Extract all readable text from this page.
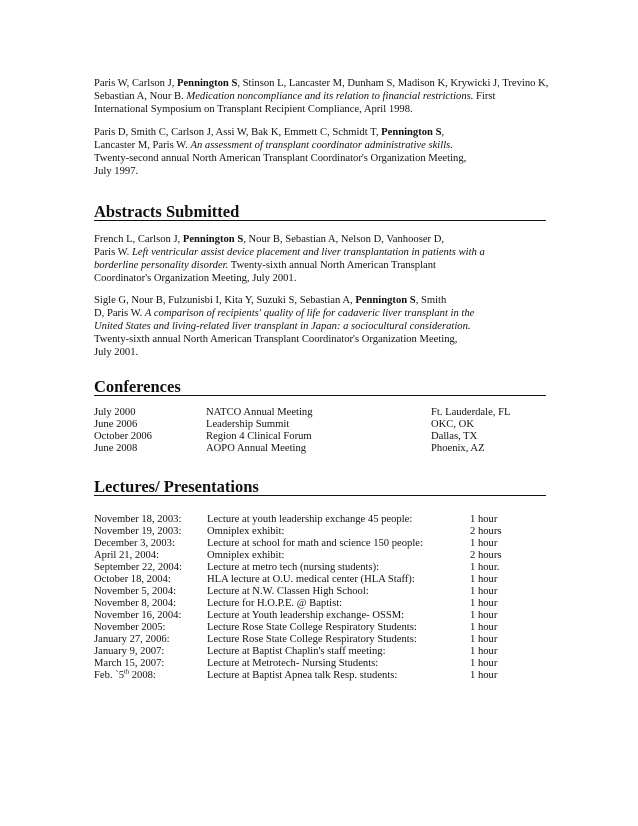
Paris W, Carlson J, Pennington S, Stinson L, Lancaster M, Dunham S, Madison K, Krywicki J, Trevino K,
Sebastian A, Nour B. Medication noncompliance and its relation to financial restrictions. First
International Symposium on Transplant Recipient Compliance, April 1998.
Paris D, Smith C, Carlson J, Assi W, Bak K, Emmett C, Schmidt T, Pennington S,
Lancaster M, Paris W. An assessment of transplant coordinator administrative skills.
Twenty-second annual North American Transplant Coordinator's Organization Meeting,
July 1997.
Abstracts Submitted
French L, Carlson J, Pennington S, Nour B, Sebastian A, Nelson D, Vanhooser D,
Paris W. Left ventricular assist device placement and liver transplantation in patients with a
borderline personality disorder. Twenty-sixth annual North American Transplant
Coordinator's Organization Meeting, July 2001.
Sigle G, Nour B, Fulzunisbi I, Kita Y, Suzuki S, Sebastian A, Pennington S, Smith
D, Paris W. A comparison of recipients' quality of life for cadaveric liver transplant in the
United States and living-related liver transplant in Japan: a sociocultural consideration.
Twenty-sixth annual North American Transplant Coordinator's Organization Meeting,
July 2001.
Conferences
July 2000	NATCO Annual Meeting	Ft. Lauderdale, FL
June 2006	Leadership Summit	OKC, OK
October 2006	Region 4 Clinical Forum	Dallas, TX
June 2008	AOPO Annual Meeting	Phoenix, AZ
Lectures/ Presentations
November 18, 2003: Lecture at youth leadership exchange 45 people:	1 hour
November 19, 2003: Omniplex exhibit:	2 hours
December 3, 2003:	Lecture at school for math and science 150 people:	1 hour
April 21, 2004:	Omniplex exhibit:	2 hours
September 22, 2004: Lecture at metro tech (nursing students):	1 hour.
October 18, 2004:	HLA lecture at O.U. medical center (HLA Staff):	1 hour
November 5, 2004:	Lecture at N.W. Classen High School:	1 hour
November 8, 2004:	Lecture for H.O.P.E. @ Baptist:	1 hour
November 16, 2004: Lecture at Youth leadership exchange- OSSM:	1 hour
November 2005:	Lecture Rose State College Respiratory Students:	1 hour
January 27, 2006:	Lecture Rose State College Respiratory Students:	1 hour
January 9, 2007:	Lecture at Baptist Chaplin's staff meeting:	1 hour
March 15, 2007:	Lecture at Metrotech- Nursing Students:	1 hour
Feb. `5th 2008:	Lecture at Baptist Apnea talk Resp. students:	1 hour
